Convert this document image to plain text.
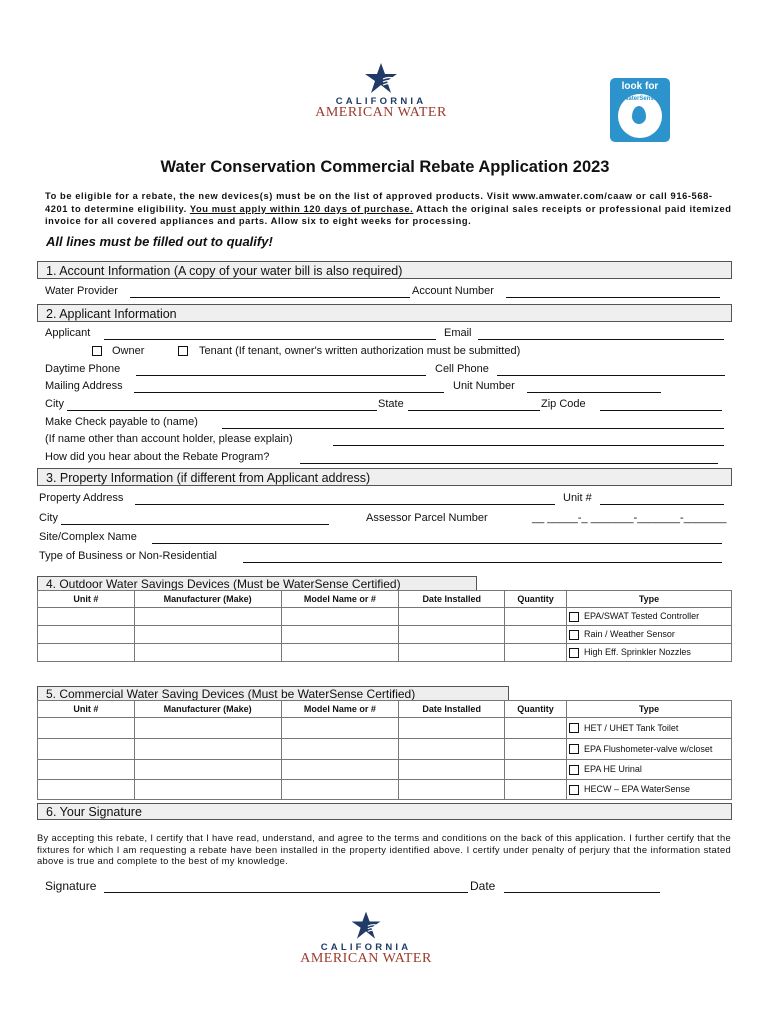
CALIFORNIA
AMERICAN WATER
look for
WaterSense
Water Conservation Commercial Rebate Application 2023
To be eligible for a rebate, the new devices(s) must be on the list of approved products. Visit www.amwater.com/caaw or call 916-568-4201 to determine eligibility. You must apply within 120 days of purchase. Attach the original sales receipts or professional paid itemized invoice for all covered appliances and parts. Allow six to eight weeks for processing.
All lines must be filled out to qualify!
1. Account Information (A copy of your water bill is also required)
Water Provider	Account Number
2. Applicant Information
Applicant	Email
Owner	Tenant (If tenant, owner's written authorization must be submitted)
Daytime Phone	Cell Phone
Mailing Address	Unit Number
City	State	Zip Code
Make Check payable to (name)
(If name other than account holder, please explain)
How did you hear about the Rebate Program?
3. Property Information (if different from Applicant address)
Property Address	Unit #
City	Assessor Parcel Number	__ _____-_ _______-_______-_______
Site/Complex Name
Type of Business or Non-Residential
4. Outdoor Water Savings Devices (Must be WaterSense Certified)
Unit #	Manufacturer (Make)	Model Name or #	Date Installed	Quantity	Type
					EPA/SWAT Tested Controller
					Rain / Weather Sensor
					High Eff. Sprinkler Nozzles
5. Commercial Water Saving Devices (Must be WaterSense Certified)
Unit #	Manufacturer (Make)	Model Name or #	Date Installed	Quantity	Type
					HET / UHET Tank Toilet
					EPA Flushometer-valve w/closet
					EPA HE Urinal
					HECW – EPA WaterSense
6. Your Signature
By accepting this rebate, I certify that I have read, understand, and agree to the terms and conditions on the back of this application. I further certify that the fixtures for which I am requesting a rebate have been installed in the property identified above. I certify under penalty of perjury that the information stated above is true and complete to the best of my knowledge.
Signature	Date
CALIFORNIA
AMERICAN WATER
